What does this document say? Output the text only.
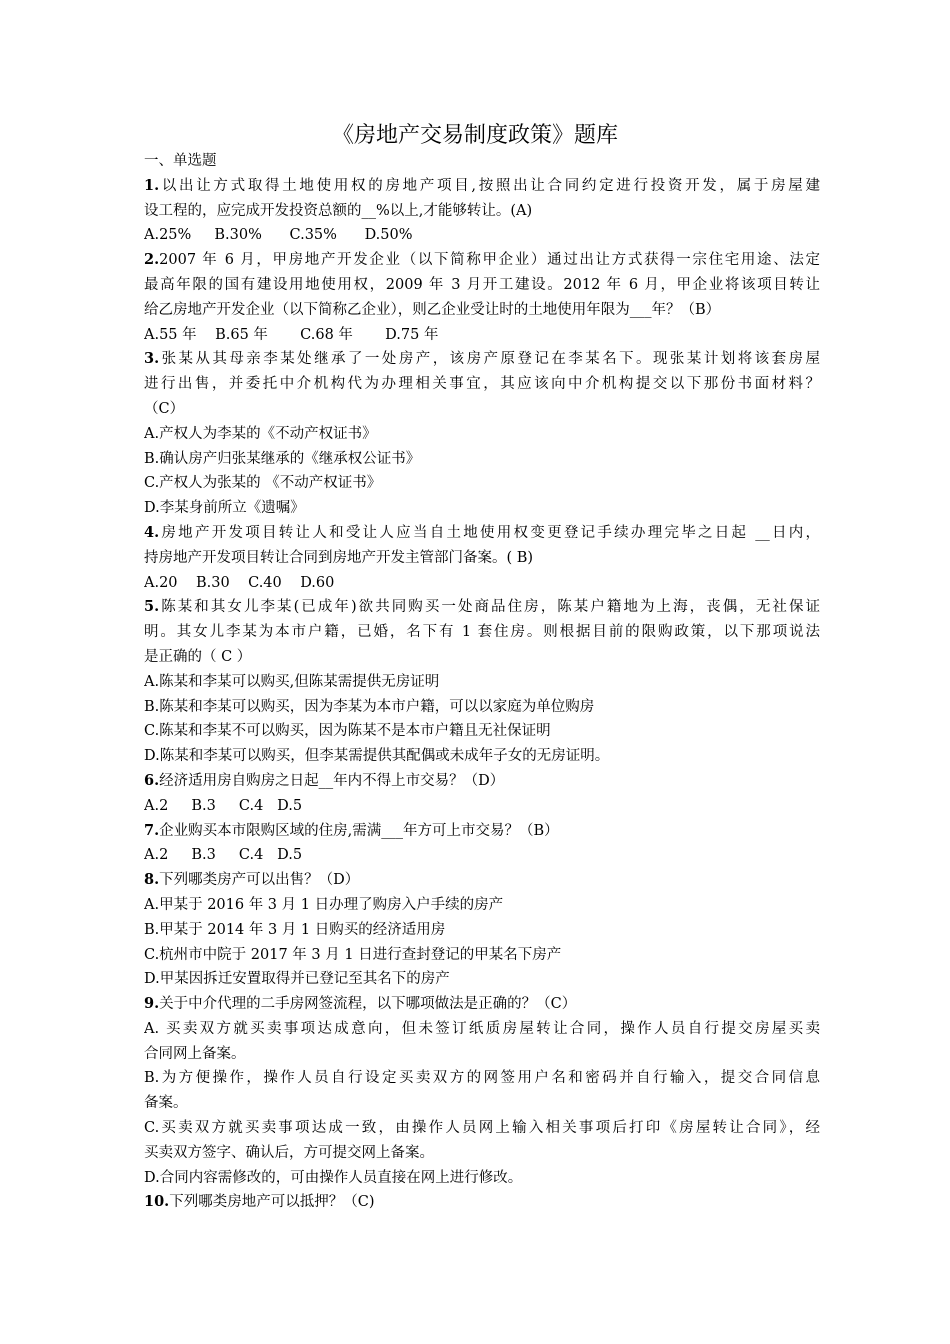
《房地产交易制度政策》题库
一、单选题
1.以出让方式取得土地使用权的房地产项目,按照出让合同约定进行投资开发，属于房屋建
设工程的，应完成开发投资总额的__%以上,才能够转让。(A)
A.25%     B.30%      C.35%      D.50%
2.2007 年 6 月，甲房地产开发企业（以下简称甲企业）通过出让方式获得一宗住宅用途、法定
最高年限的国有建设用地使用权，2009 年 3 月开工建设。2012 年 6 月，甲企业将该项目转让
给乙房地产开发企业（以下简称乙企业），则乙企业受让时的土地使用年限为___年？（B）
A.55 年    B.65 年       C.68 年       D.75 年
3.张某从其母亲李某处继承了一处房产，该房产原登记在李某名下。现张某计划将该套房屋
进行出售，并委托中介机构代为办理相关事宜，其应该向中介机构提交以下那份书面材料？
（C）
A.产权人为李某的《不动产权证书》
B.确认房产归张某继承的《继承权公证书》
C.产权人为张某的 《不动产权证书》
D.李某身前所立《遗嘱》
4.房地产开发项目转让人和受让人应当自土地使用权变更登记手续办理完毕之日起 __日内，
持房地产开发项目转让合同到房地产开发主管部门备案。( B)
A.20    B.30    C.40    D.60
5.陈某和其女儿李某(已成年)欲共同购买一处商品住房，陈某户籍地为上海，丧偶，无社保证
明。其女儿李某为本市户籍，已婚，名下有 1 套住房。则根据目前的限购政策，以下那项说法
是正确的（ C ）
A.陈某和李某可以购买,但陈某需提供无房证明
B.陈某和李某可以购买，因为李某为本市户籍，可以以家庭为单位购房
C.陈某和李某不可以购买，因为陈某不是本市户籍且无社保证明
D.陈某和李某可以购买，但李某需提供其配偶或未成年子女的无房证明。
6.经济适用房自购房之日起__年内不得上市交易？（D）
A.2     B.3     C.4   D.5
7.企业购买本市限购区域的住房,需满___年方可上市交易？（B）
A.2     B.3     C.4   D.5
8.下列哪类房产可以出售？（D）
A.甲某于 2016 年 3 月 1 日办理了购房入户手续的房产
B.甲某于 2014 年 3 月 1 日购买的经济适用房
C.杭州市中院于 2017 年 3 月 1 日进行查封登记的甲某名下房产
D.甲某因拆迁安置取得并已登记至其名下的房产
9.关于中介代理的二手房网签流程，以下哪项做法是正确的？（C）
A. 买卖双方就买卖事项达成意向，但未签订纸质房屋转让合同，操作人员自行提交房屋买卖
合同网上备案。
B.为方便操作，操作人员自行设定买卖双方的网签用户名和密码并自行输入，提交合同信息
备案。
C.买卖双方就买卖事项达成一致，由操作人员网上输入相关事项后打印《房屋转让合同》，经
买卖双方签字、确认后，方可提交网上备案。
D.合同内容需修改的，可由操作人员直接在网上进行修改。
10.下列哪类房地产可以抵押？（C)
